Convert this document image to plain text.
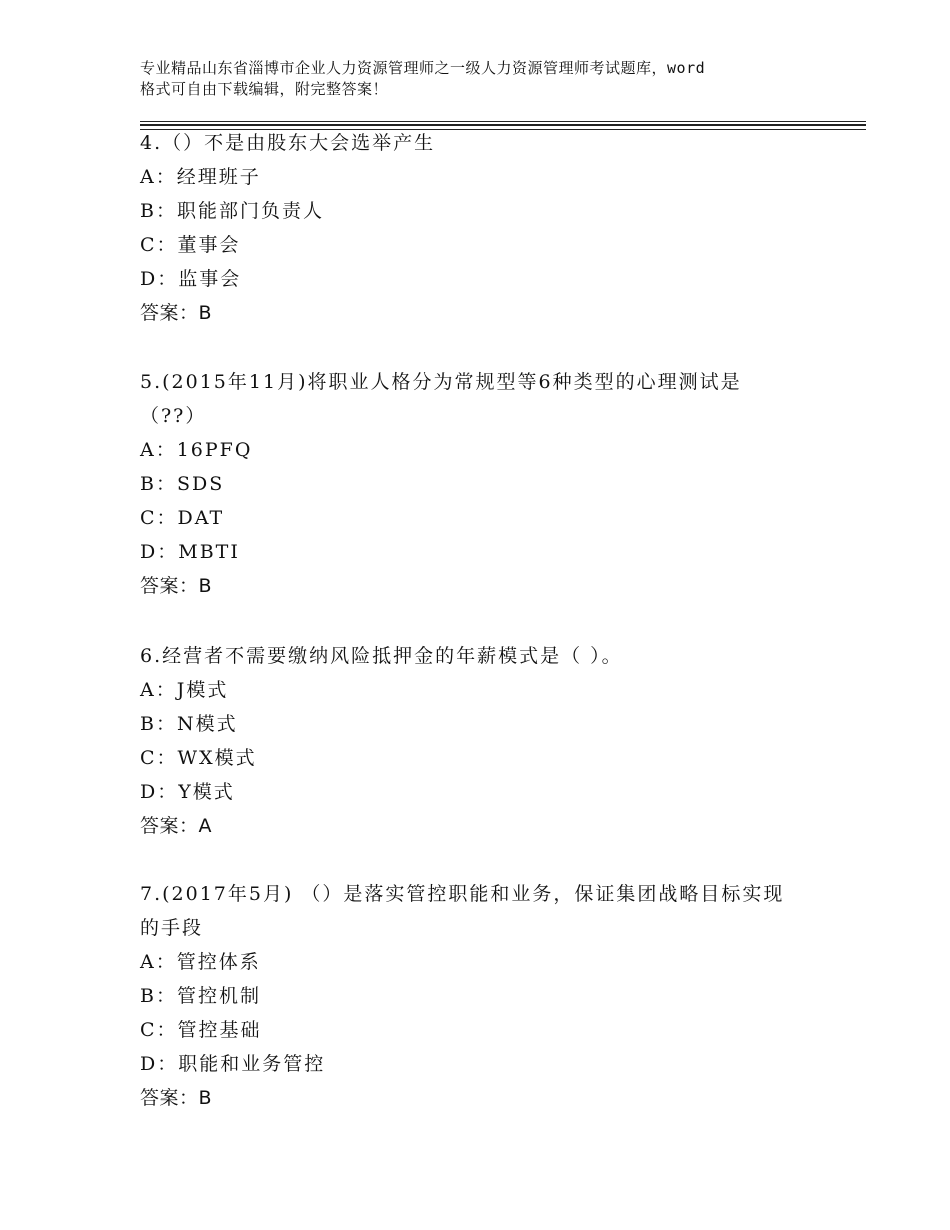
专业精品山东省淄博市企业人力资源管理师之一级人力资源管理师考试题库，word
格式可自由下载编辑，附完整答案！
4.（）不是由股东大会选举产生
A：经理班子
B：职能部门负责人
C：董事会
D：监事会
答案：B
5.(2015年11月)将职业人格分为常规型等6种类型的心理测试是
（??）
A：16PFQ
B：SDS
C：DAT
D：MBTI
答案：B
6.经营者不需要缴纳风险抵押金的年薪模式是（ ）。
A：J模式
B：N模式
C：WX模式
D：Y模式
答案：A
7.(2017年5月) （）是落实管控职能和业务，保证集团战略目标实现
的手段
A：管控体系
B：管控机制
C：管控基础
D：职能和业务管控
答案：B
